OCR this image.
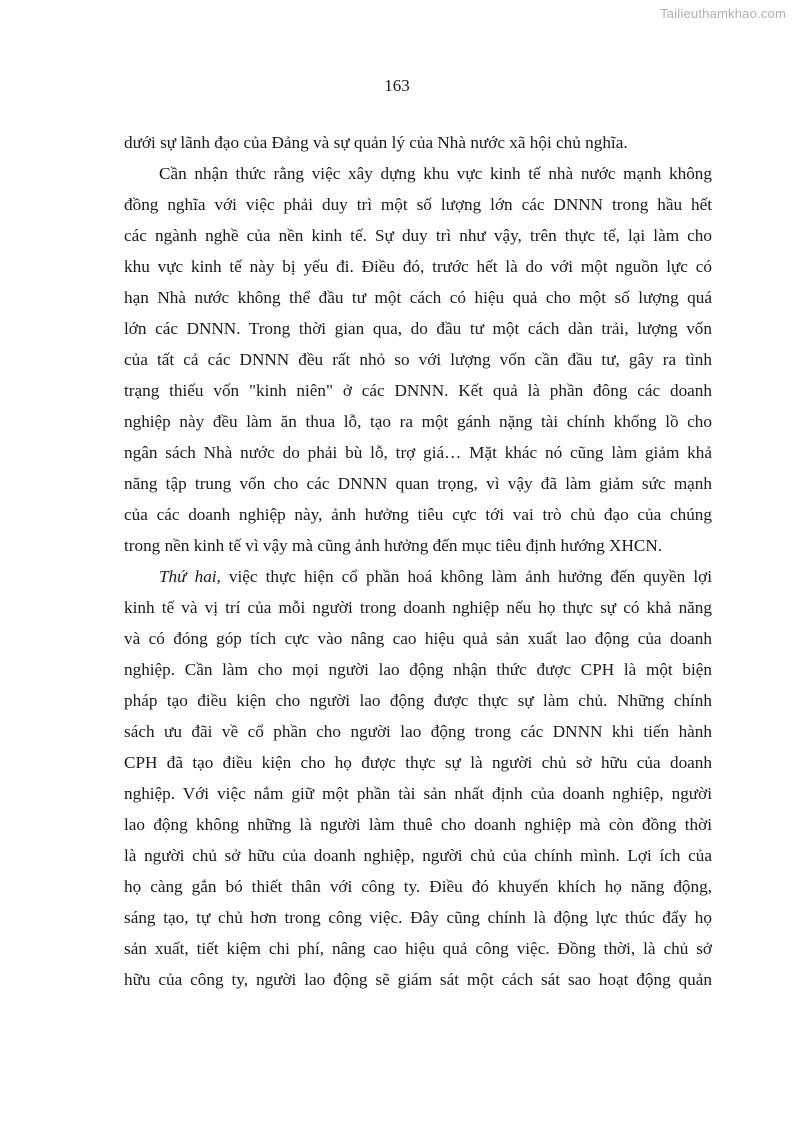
Tailieuthamkhao.com
163
dưới sự lãnh đạo của Đảng và sự quản lý của Nhà nước xã hội chủ nghĩa.
Cần nhận thức rằng việc xây dựng khu vực kinh tế nhà nước mạnh không
đồng nghĩa với việc phải duy trì một số lượng lớn các DNNN trong hầu hết
các ngành nghề của nền kinh tế. Sự duy trì như vậy, trên thực tế, lại làm cho
khu vực kinh tế này bị yếu đi. Điều đó, trước hết là do với một nguồn lực có
hạn Nhà nước không thể đầu tư một cách có hiệu quả cho một số lượng quá
lớn các DNNN. Trong thời gian qua, do đầu tư một cách dàn trải, lượng vốn
của tất cả các DNNN đều rất nhỏ so với lượng vốn cần đầu tư, gây ra tình
trạng thiếu vốn "kinh niên" ở các DNNN. Kết quả là phần đông các doanh
nghiệp này đều làm ăn thua lỗ, tạo ra một gánh nặng tài chính khổng lồ cho
ngân sách Nhà nước do phải bù lỗ, trợ giá… Mặt khác nó cũng làm giảm khả
năng tập trung vốn cho các DNNN quan trọng, vì vậy đã làm giảm sức mạnh
của các doanh nghiệp này, ảnh hưởng tiêu cực tới vai trò chủ đạo của chúng
trong nền kinh tế vì vậy mà cũng ảnh hưởng đến mục tiêu định hướng XHCN.
Thứ hai, việc thực hiện cổ phần hoá không làm ảnh hưởng đến quyền lợi
kinh tế và vị trí của mỗi người trong doanh nghiệp nếu họ thực sự có khả năng
và có đóng góp tích cực vào nâng cao hiệu quả sản xuất lao động của doanh
nghiệp. Cần làm cho mọi người lao động nhận thức được CPH là một biện
pháp tạo điều kiện cho người lao động được thực sự làm chủ. Những chính
sách ưu đãi về cổ phần cho người lao động trong các DNNN khi tiến hành
CPH đã tạo điều kiện cho họ được thực sự là người chủ sở hữu của doanh
nghiệp. Với việc nắm giữ một phần tài sản nhất định của doanh nghiệp, người
lao động không những là người làm thuê cho doanh nghiệp mà còn đồng thời
là người chủ sở hữu của doanh nghiệp, người chủ của chính mình. Lợi ích của
họ càng gắn bó thiết thân với công ty. Điều đó khuyến khích họ năng động,
sáng tạo, tự chủ hơn trong công việc. Đây cũng chính là động lực thúc đẩy họ
sản xuất, tiết kiệm chi phí, nâng cao hiệu quả công việc. Đồng thời, là chủ sở
hữu của công ty, người lao động sẽ giám sát một cách sát sao hoạt động quản
